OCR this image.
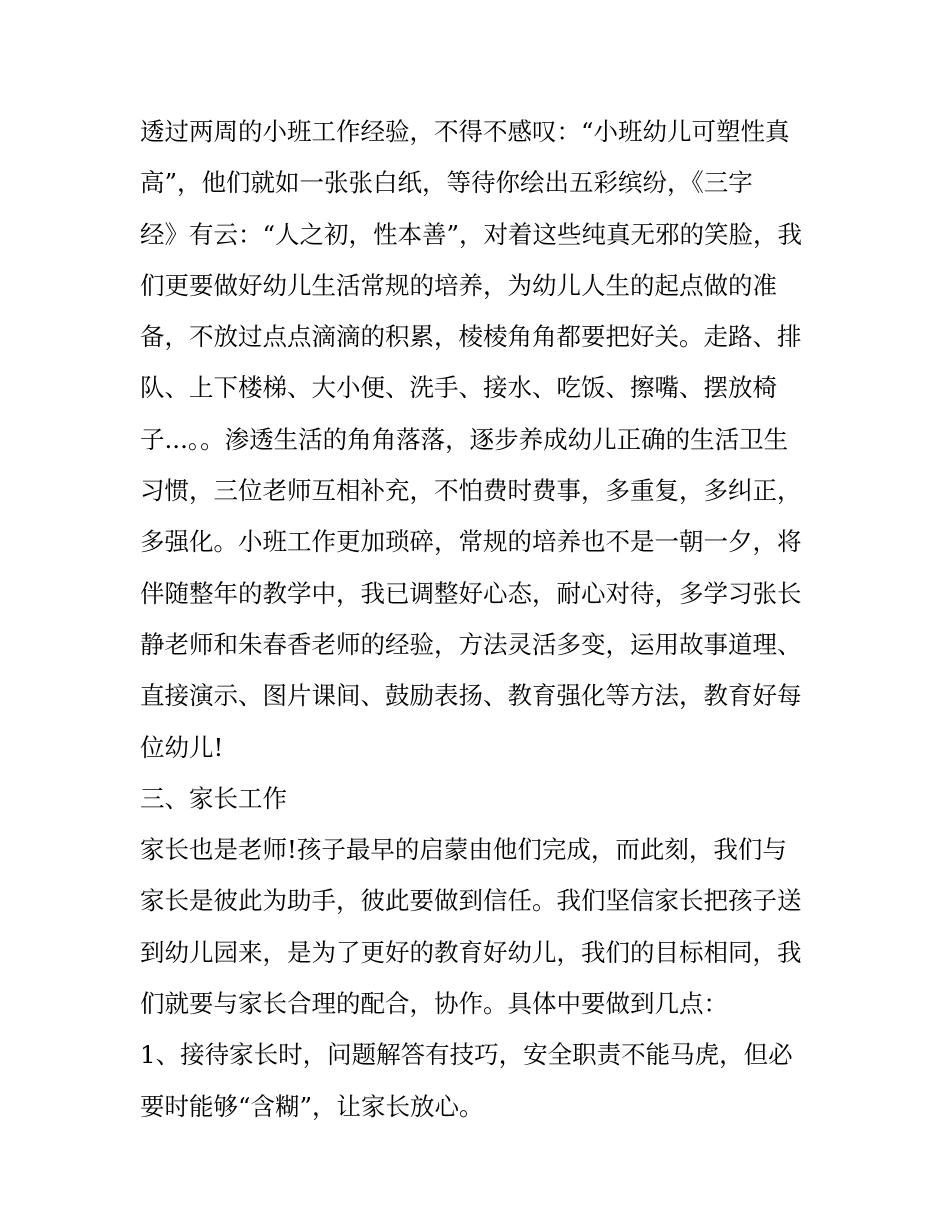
透过两周的小班工作经验，不得不感叹：“小班幼儿可塑性真
高”，他们就如一张张白纸，等待你绘出五彩缤纷，《三字
经》有云：“人之初，性本善”，对着这些纯真无邪的笑脸，我
们更要做好幼儿生活常规的培养，为幼儿人生的起点做的准
备，不放过点点滴滴的积累，棱棱角角都要把好关。走路、排
队、上下楼梯、大小便、洗手、接水、吃饭、擦嘴、摆放椅
子...。。渗透生活的角角落落，逐步养成幼儿正确的生活卫生
习惯，三位老师互相补充，不怕费时费事，多重复，多纠正，
多强化。小班工作更加琐碎，常规的培养也不是一朝一夕，将
伴随整年的教学中，我已调整好心态，耐心对待，多学习张长
静老师和朱春香老师的经验，方法灵活多变，运用故事道理、
直接演示、图片课间、鼓励表扬、教育强化等方法，教育好每
位幼儿!
三、家长工作
家长也是老师!孩子最早的启蒙由他们完成，而此刻，我们与
家长是彼此为助手，彼此要做到信任。我们坚信家长把孩子送
到幼儿园来，是为了更好的教育好幼儿，我们的目标相同，我
们就要与家长合理的配合，协作。具体中要做到几点：
1、接待家长时，问题解答有技巧，安全职责不能马虎，但必
要时能够“含糊”，让家长放心。
